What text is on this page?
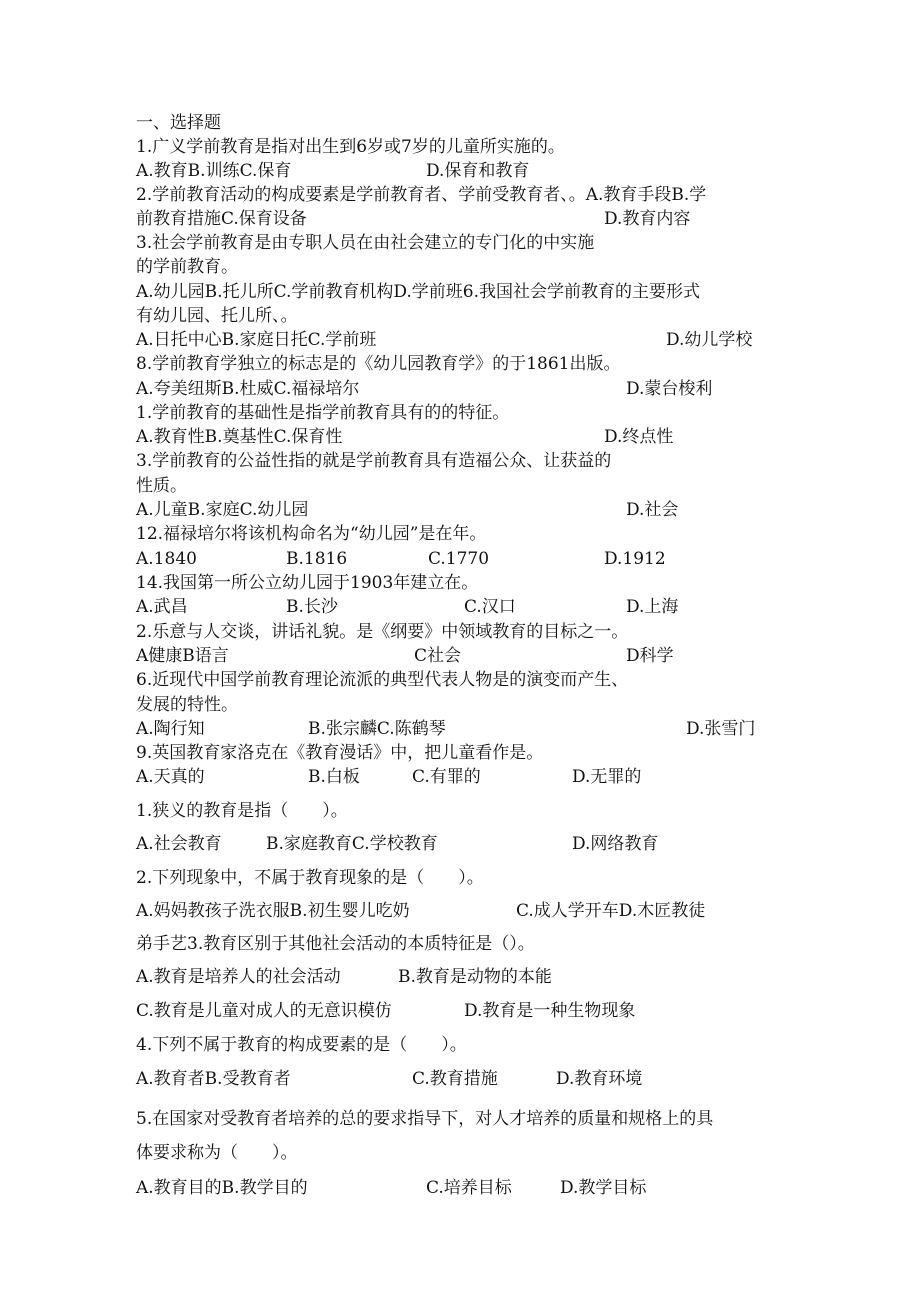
一、选择题
1.广义学前教育是指对出生到6岁或7岁的儿童所实施的。
A.教育B.训练C.保育	D.保育和教育
2.学前教育活动的构成要素是学前教育者、学前受教育者、。A.教育手段B.学
前教育措施C.保育设备	D.教育内容
3.社会学前教育是由专职人员在由社会建立的专门化的中实施
的学前教育。
A.幼儿园B.托儿所C.学前教育机构D.学前班6.我国社会学前教育的主要形式
有幼儿园、托儿所、。
A.日托中心B.家庭日托C.学前班	D.幼儿学校
8.学前教育学独立的标志是的《幼儿园教育学》的于1861出版。
A.夸美纽斯B.杜威C.福禄培尔	D.蒙台梭利
1.学前教育的基础性是指学前教育具有的的特征。
A.教育性B.奠基性C.保育性	D.终点性
3.学前教育的公益性指的就是学前教育具有造福公众、让获益的
性质。
A.儿童B.家庭C.幼儿园	D.社会
12.福禄培尔将该机构命名为“幼儿园”是在年。
A.1840	B.1816	C.1770	D.1912
14.我国第一所公立幼儿园于1903年建立在。
A.武昌	B.长沙	C.汉口	D.上海
2.乐意与人交谈，讲话礼貌。是《纲要》中领域教育的目标之一。
A健康B语言	C社会	D科学
6.近现代中国学前教育理论流派的典型代表人物是的演变而产生、
发展的特性。
A.陶行知	B.张宗麟C.陈鹤琴	D.张雪门
9.英国教育家洛克在《教育漫话》中，把儿童看作是。
A.天真的	B.白板	C.有罪的	D.无罪的
1.狭义的教育是指（　　）。
A.社会教育	B.家庭教育C.学校教育	D.网络教育
2.下列现象中，不属于教育现象的是（　　）。
A.妈妈教孩子洗衣服B.初生婴儿吃奶	C.成人学开车D.木匠教徒
弟手艺3.教育区别于其他社会活动的本质特征是（）。
A.教育是培养人的社会活动	B.教育是动物的本能
C.教育是儿童对成人的无意识模仿	D.教育是一种生物现象
4.下列不属于教育的构成要素的是（　　）。
A.教育者B.受教育者	C.教育措施	D.教育环境
5.在国家对受教育者培养的总的要求指导下，对人才培养的质量和规格上的具
体要求称为（　　）。
A.教育目的B.教学目的	C.培养目标	D.教学目标
